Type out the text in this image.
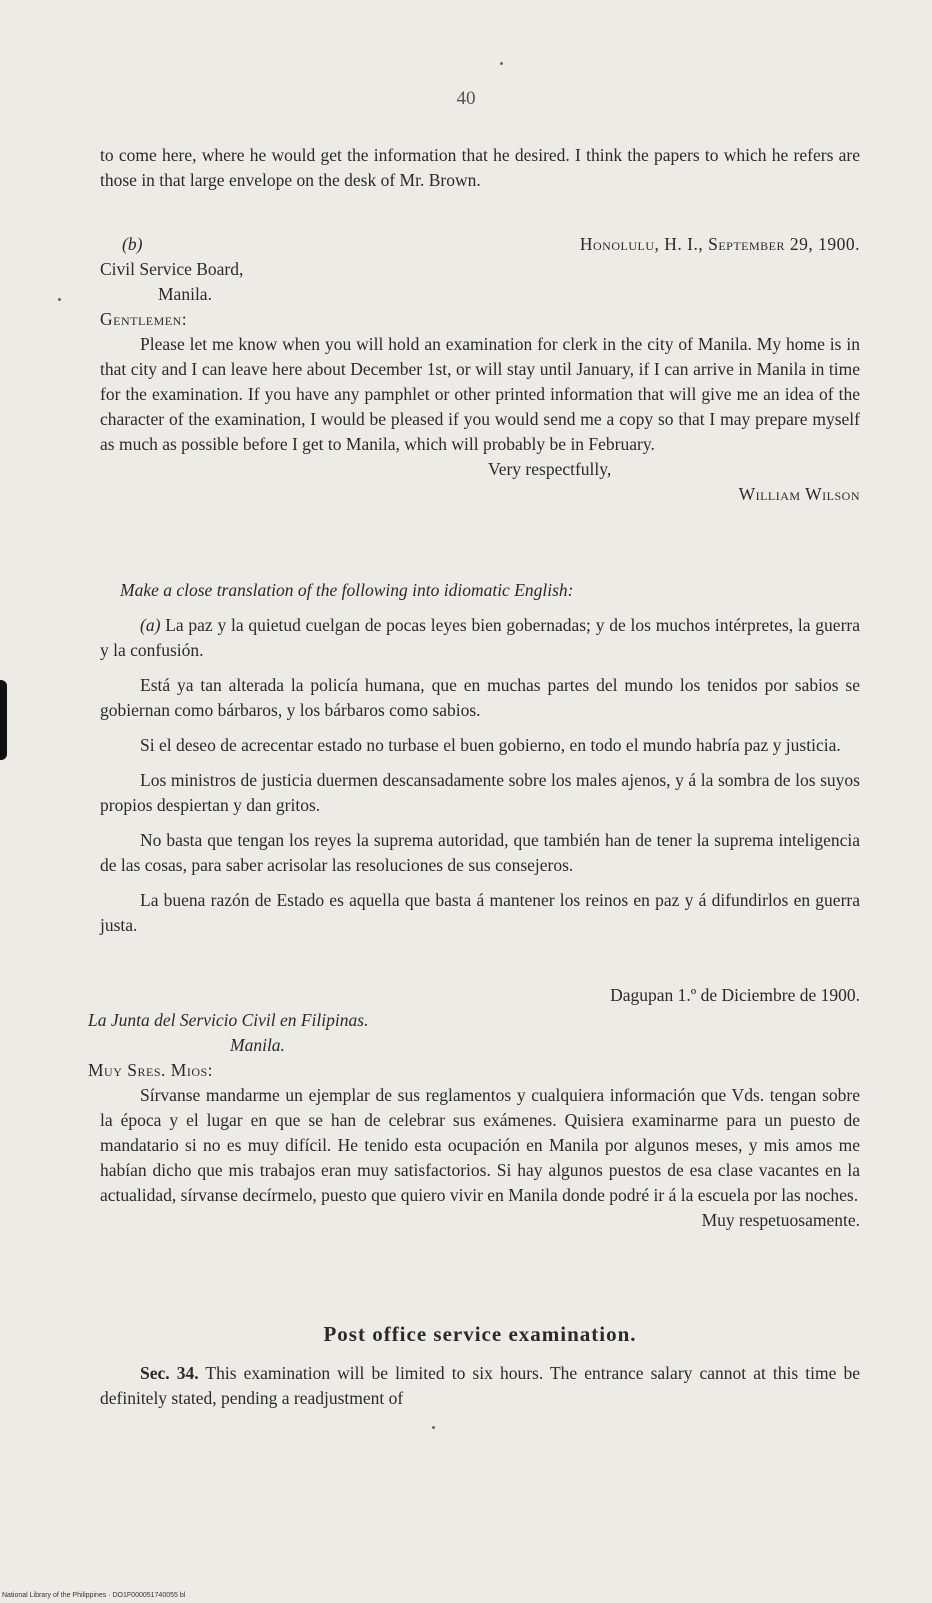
40

to come here, where he would get the information that he desired. I think the papers to which he refers are those in that large envelope on the desk of Mr. Brown.

(b)	Honolulu, H. I., September 29, 1900.
Civil Service Board,
Manila.
Gentlemen:

Please let me know when you will hold an examination for clerk in the city of Manila. My home is in that city and I can leave here about December 1st, or will stay until January, if I can arrive in Manila in time for the examination. If you have any pamphlet or other printed information that will give me an idea of the character of the examination, I would be pleased if you would send me a copy so that I may prepare myself as much as possible before I get to Manila, which will probably be in February.

Very respectfully,
William Wilson

Make a close translation of the following into idiomatic English:

(a) La paz y la quietud cuelgan de pocas leyes bien gobernadas; y de los muchos intérpretes, la guerra y la confusión.

Está ya tan alterada la policía humana, que en muchas partes del mundo los tenidos por sabios se gobiernan como bárbaros, y los bárbaros como sabios.

Si el deseo de acrecentar estado no turbase el buen gobierno, en todo el mundo habría paz y justicia.

Los ministros de justicia duermen descansadamente sobre los males ajenos, y á la sombra de los suyos propios despiertan y dan gritos.

No basta que tengan los reyes la suprema autoridad, que también han de tener la suprema inteligencia de las cosas, para saber acrisolar las resoluciones de sus consejeros.

La buena razón de Estado es aquella que basta á mantener los reinos en paz y á difundirlos en guerra justa.

Dagupan 1.º de Diciembre de 1900.
La Junta del Servicio Civil en Filipinas.
Manila.
Muy Sres. Mios:

Sírvanse mandarme un ejemplar de sus reglamentos y cualquiera información que Vds. tengan sobre la época y el lugar en que se han de celebrar sus exámenes. Quisiera examinarme para un puesto de mandatario si no es muy difícil. He tenido esta ocupación en Manila por algunos meses, y mis amos me habían dicho que mis trabajos eran muy satisfactorios. Si hay algunos puestos de esa clase vacantes en la actualidad, sírvanse decírmelo, puesto que quiero vivir en Manila donde podré ir á la escuela por las noches.

Muy respetuosamente.
Post office service examination.

Sec. 34. This examination will be limited to six hours. The entrance salary cannot at this time be definitely stated, pending a readjustment of

National Library of the Philippines · DO1F000051740055 bl
